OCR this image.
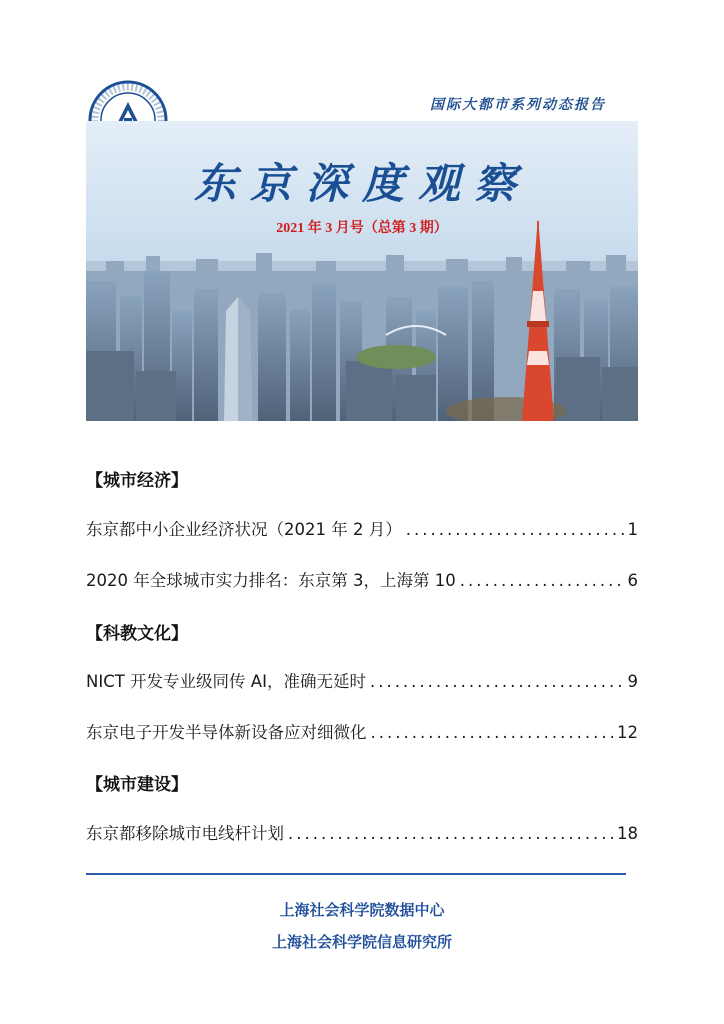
国际大都市系列动态报告
东京深度观察
2021 年 3 月号（总第 3 期）
【城市经济】
东京都中小企业经济状况（2021 年 2 月） .....	1
2020 年全球城市实力排名：东京第 3，上海第 10 .....	6
【科教文化】
NICT 开发专业级同传 AI，准确无延时 .....	9
东京电子开发半导体新设备应对细微化 .....	12
【城市建设】
东京都移除城市电线杆计划 .....	18
上海社会科学院数据中心
上海社会科学院信息研究所
